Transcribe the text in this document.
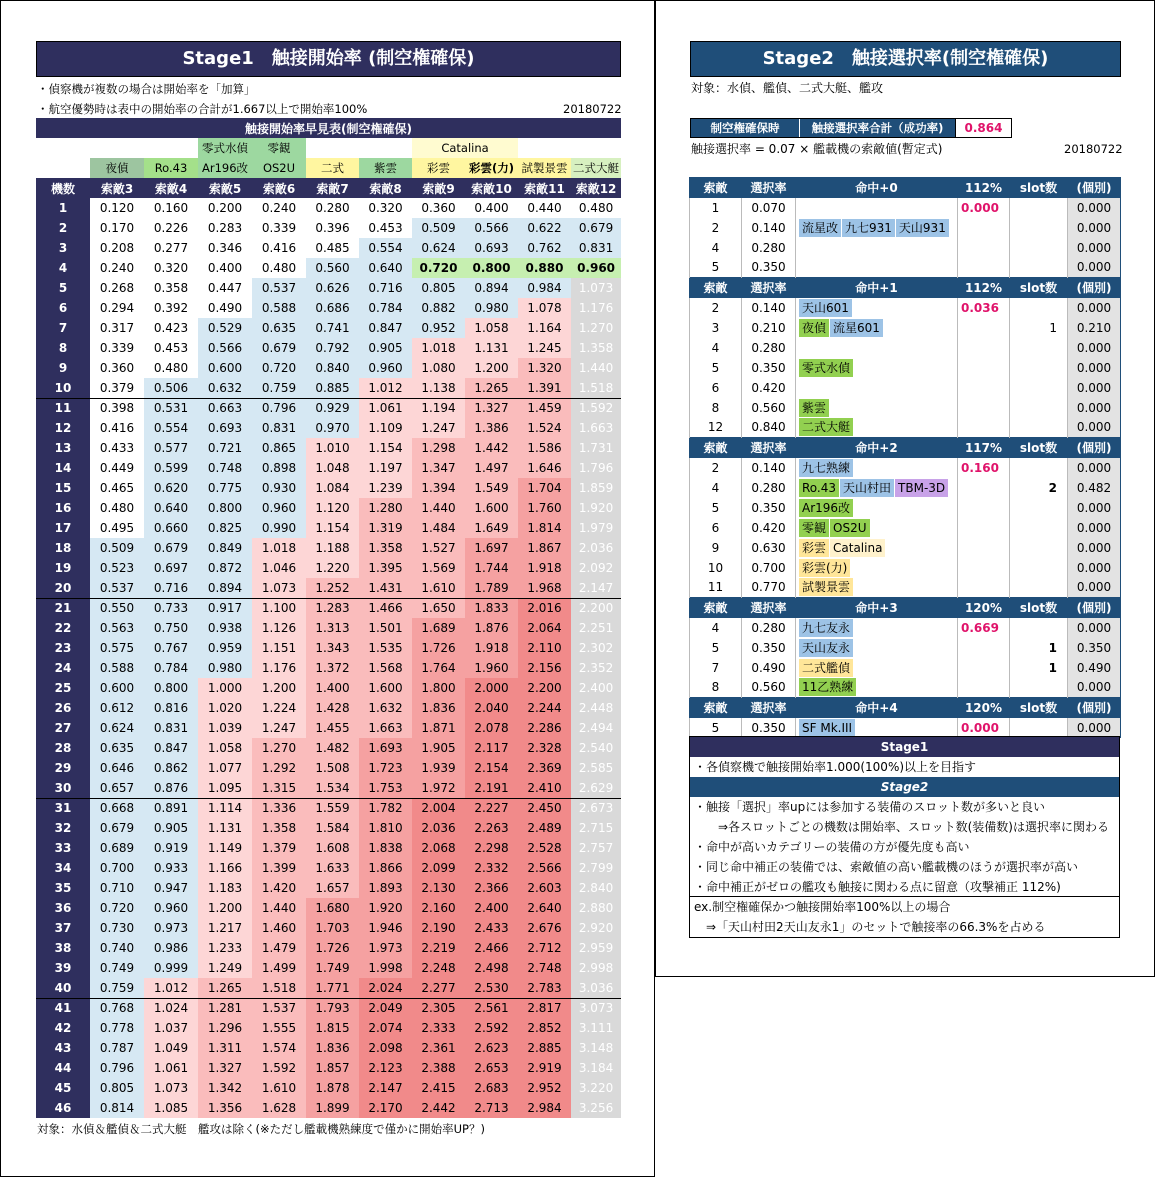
Stage1　触接開始率 (制空権確保)
・偵察機が複数の場合は開始率を「加算」
・航空優勢時は表中の開始率の合計が1.667以上で開始率100%	20180722
触接開始率早見表(制空権確保)										
			零式水偵	零観			Catalina			
	夜偵	Ro.43	Ar196改	OS2U	二式	紫雲	彩雲	彩雲(力)	試製景雲	二式大艇
機数	索敵3	索敵4	索敵5	索敵6	索敵7	索敵8	索敵9	索敵10	索敵11	索敵12
1	0.120	0.160	0.200	0.240	0.280	0.320	0.360	0.400	0.440	0.480
2	0.170	0.226	0.283	0.339	0.396	0.453	0.509	0.566	0.622	0.679
3	0.208	0.277	0.346	0.416	0.485	0.554	0.624	0.693	0.762	0.831
4	0.240	0.320	0.400	0.480	0.560	0.640	0.720	0.800	0.880	0.960
5	0.268	0.358	0.447	0.537	0.626	0.716	0.805	0.894	0.984	1.073
6	0.294	0.392	0.490	0.588	0.686	0.784	0.882	0.980	1.078	1.176
7	0.317	0.423	0.529	0.635	0.741	0.847	0.952	1.058	1.164	1.270
8	0.339	0.453	0.566	0.679	0.792	0.905	1.018	1.131	1.245	1.358
9	0.360	0.480	0.600	0.720	0.840	0.960	1.080	1.200	1.320	1.440
10	0.379	0.506	0.632	0.759	0.885	1.012	1.138	1.265	1.391	1.518
11	0.398	0.531	0.663	0.796	0.929	1.061	1.194	1.327	1.459	1.592
12	0.416	0.554	0.693	0.831	0.970	1.109	1.247	1.386	1.524	1.663
13	0.433	0.577	0.721	0.865	1.010	1.154	1.298	1.442	1.586	1.731
14	0.449	0.599	0.748	0.898	1.048	1.197	1.347	1.497	1.646	1.796
15	0.465	0.620	0.775	0.930	1.084	1.239	1.394	1.549	1.704	1.859
16	0.480	0.640	0.800	0.960	1.120	1.280	1.440	1.600	1.760	1.920
17	0.495	0.660	0.825	0.990	1.154	1.319	1.484	1.649	1.814	1.979
18	0.509	0.679	0.849	1.018	1.188	1.358	1.527	1.697	1.867	2.036
19	0.523	0.697	0.872	1.046	1.220	1.395	1.569	1.744	1.918	2.092
20	0.537	0.716	0.894	1.073	1.252	1.431	1.610	1.789	1.968	2.147
21	0.550	0.733	0.917	1.100	1.283	1.466	1.650	1.833	2.016	2.200
22	0.563	0.750	0.938	1.126	1.313	1.501	1.689	1.876	2.064	2.251
23	0.575	0.767	0.959	1.151	1.343	1.535	1.726	1.918	2.110	2.302
24	0.588	0.784	0.980	1.176	1.372	1.568	1.764	1.960	2.156	2.352
25	0.600	0.800	1.000	1.200	1.400	1.600	1.800	2.000	2.200	2.400
26	0.612	0.816	1.020	1.224	1.428	1.632	1.836	2.040	2.244	2.448
27	0.624	0.831	1.039	1.247	1.455	1.663	1.871	2.078	2.286	2.494
28	0.635	0.847	1.058	1.270	1.482	1.693	1.905	2.117	2.328	2.540
29	0.646	0.862	1.077	1.292	1.508	1.723	1.939	2.154	2.369	2.585
30	0.657	0.876	1.095	1.315	1.534	1.753	1.972	2.191	2.410	2.629
31	0.668	0.891	1.114	1.336	1.559	1.782	2.004	2.227	2.450	2.673
32	0.679	0.905	1.131	1.358	1.584	1.810	2.036	2.263	2.489	2.715
33	0.689	0.919	1.149	1.379	1.608	1.838	2.068	2.298	2.528	2.757
34	0.700	0.933	1.166	1.399	1.633	1.866	2.099	2.332	2.566	2.799
35	0.710	0.947	1.183	1.420	1.657	1.893	2.130	2.366	2.603	2.840
36	0.720	0.960	1.200	1.440	1.680	1.920	2.160	2.400	2.640	2.880
37	0.730	0.973	1.217	1.460	1.703	1.946	2.190	2.433	2.676	2.920
38	0.740	0.986	1.233	1.479	1.726	1.973	2.219	2.466	2.712	2.959
39	0.749	0.999	1.249	1.499	1.749	1.998	2.248	2.498	2.748	2.998
40	0.759	1.012	1.265	1.518	1.771	2.024	2.277	2.530	2.783	3.036
41	0.768	1.024	1.281	1.537	1.793	2.049	2.305	2.561	2.817	3.073
42	0.778	1.037	1.296	1.555	1.815	2.074	2.333	2.592	2.852	3.111
43	0.787	1.049	1.311	1.574	1.836	2.098	2.361	2.623	2.885	3.148
44	0.796	1.061	1.327	1.592	1.857	2.123	2.388	2.653	2.919	3.184
45	0.805	1.073	1.342	1.610	1.878	2.147	2.415	2.683	2.952	3.220
46	0.814	1.085	1.356	1.628	1.899	2.170	2.442	2.713	2.984	3.256
対象：水偵＆艦偵＆二式大艇　艦攻は除く(※ただし艦載機熟練度で僅かに開始率UP？)
Stage2　触接選択率(制空権確保)
対象：水偵、艦偵、二式大艇、艦攻
制空権確保時	触接選択率合計（成功率)	0.864
触接選択率 = 0.07 × 艦載機の索敵値(暫定式)	20180722
索敵	選択率	命中+0	112%	slot数	(個別)
1	0.070		0.000		0.000
2	0.140	流星改 九七931 天山931			0.000
4	0.280				0.000
5	0.350				0.000
索敵	選択率	命中+1	112%	slot数	(個別)
2	0.140	天山601	0.036		0.000
3	0.210	夜偵 流星601		1	0.210
4	0.280				0.000
5	0.350	零式水偵			0.000
6	0.420				0.000
8	0.560	紫雲			0.000
12	0.840	二式大艇			0.000
索敵	選択率	命中+2	117%	slot数	(個別)
2	0.140	九七熟練	0.160		0.000
4	0.280	Ro.43 天山村田 TBM-3D		2	0.482
5	0.350	Ar196改			0.000
6	0.420	零観 OS2U			0.000
9	0.630	彩雲 Catalina			0.000
10	0.700	彩雲(力)			0.000
11	0.770	試製景雲			0.000
索敵	選択率	命中+3	120%	slot数	(個別)
4	0.280	九七友永	0.669		0.000
5	0.350	天山友永		1	0.350
7	0.490	二式艦偵		1	0.490
8	0.560	11乙熟練			0.000
索敵	選択率	命中+4	120%	slot数	(個別)
5	0.350	SF Mk.III	0.000		0.000
Stage1
・各偵察機で触接開始率1.000(100%)以上を目指す
Stage2
・触接「選択」率upには参加する装備のスロット数が多いと良い
　　⇒各スロットごとの機数は開始率、スロット数(装備数)は選択率に関わる
・命中が高いカテゴリーの装備の方が優先度も高い
・同じ命中補正の装備では、索敵値の高い艦載機のほうが選択率が高い
・命中補正がゼロの艦攻も触接に関わる点に留意（攻撃補正 112%)
ex.制空権確保かつ触接開始率100%以上の場合
　⇒「天山村田2天山友永1」のセットで触接率の66.3%を占める
